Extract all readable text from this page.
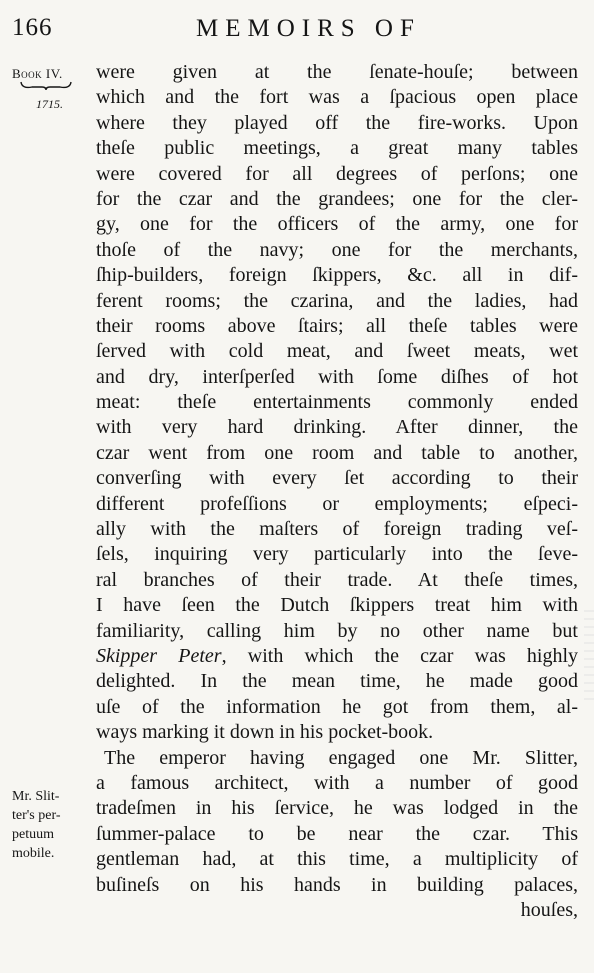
166	MEMOIRS OF
Book IV.
1715.
Mr. Slit-
ter's per-
petuum
mobile.
were given at the ſenate-houſe; between
which and the fort was a ſpacious open place
where they played off the fire-works. Upon
theſe public meetings, a great many tables
were covered for all degrees of perſons; one
for the czar and the grandees; one for the cler-
gy, one for the officers of the army, one for
thoſe of the navy; one for the merchants,
ſhip-builders, foreign ſkippers, &c. all in dif-
ferent rooms; the czarina, and the ladies, had
their rooms above ſtairs; all theſe tables were
ſerved with cold meat, and ſweet meats, wet
and dry, interſperſed with ſome diſhes of hot
meat: theſe entertainments commonly ended
with very hard drinking. After dinner, the
czar went from one room and table to another,
converſing with every ſet according to their
different profeſſions or employments; eſpeci-
ally with the maſters of foreign trading veſ-
ſels, inquiring very particularly into the ſeve-
ral branches of their trade. At theſe times,
I have ſeen the Dutch ſkippers treat him with
familiarity, calling him by no other name but
Skipper Peter, with which the czar was highly
delighted. In the mean time, he made good
uſe of the information he got from them, al-
ways marking it down in his pocket-book.
The emperor having engaged one Mr. Slitter,
a famous architect, with a number of good
tradeſmen in his ſervice, he was lodged in the
ſummer-palace to be near the czar. This
gentleman had, at this time, a multiplicity of
buſineſs on his hands in building palaces,
houſes,
